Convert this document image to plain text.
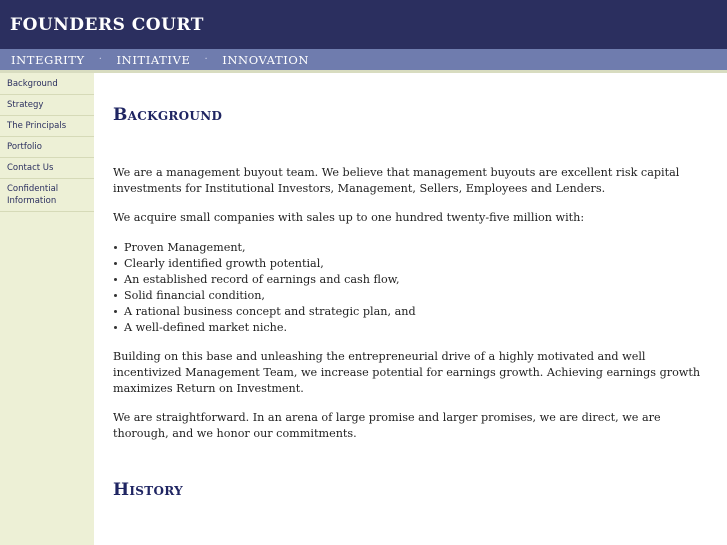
FOUNDERS COURT
INTEGRITY · INITIATIVE · INNOVATION
Background
Strategy
The Principals
Portfolio
Contact Us
Confidential Information
Background

We are a management buyout team. We believe that management buyouts are excellent risk capital investments for Institutional Investors, Management, Sellers, Employees and Lenders.

We acquire small companies with sales up to one hundred twenty-five million with:

Proven Management,
Clearly identified growth potential,
An established record of earnings and cash flow,
Solid financial condition,
A rational business concept and strategic plan, and
A well-defined market niche.

Building on this base and unleashing the entrepreneurial drive of a highly motivated and well incentivized Management Team, we increase potential for earnings growth. Achieving earnings growth maximizes Return on Investment.

We are straightforward. In an arena of large promise and larger promises, we are direct, we are thorough, and we honor our commitments.

History
